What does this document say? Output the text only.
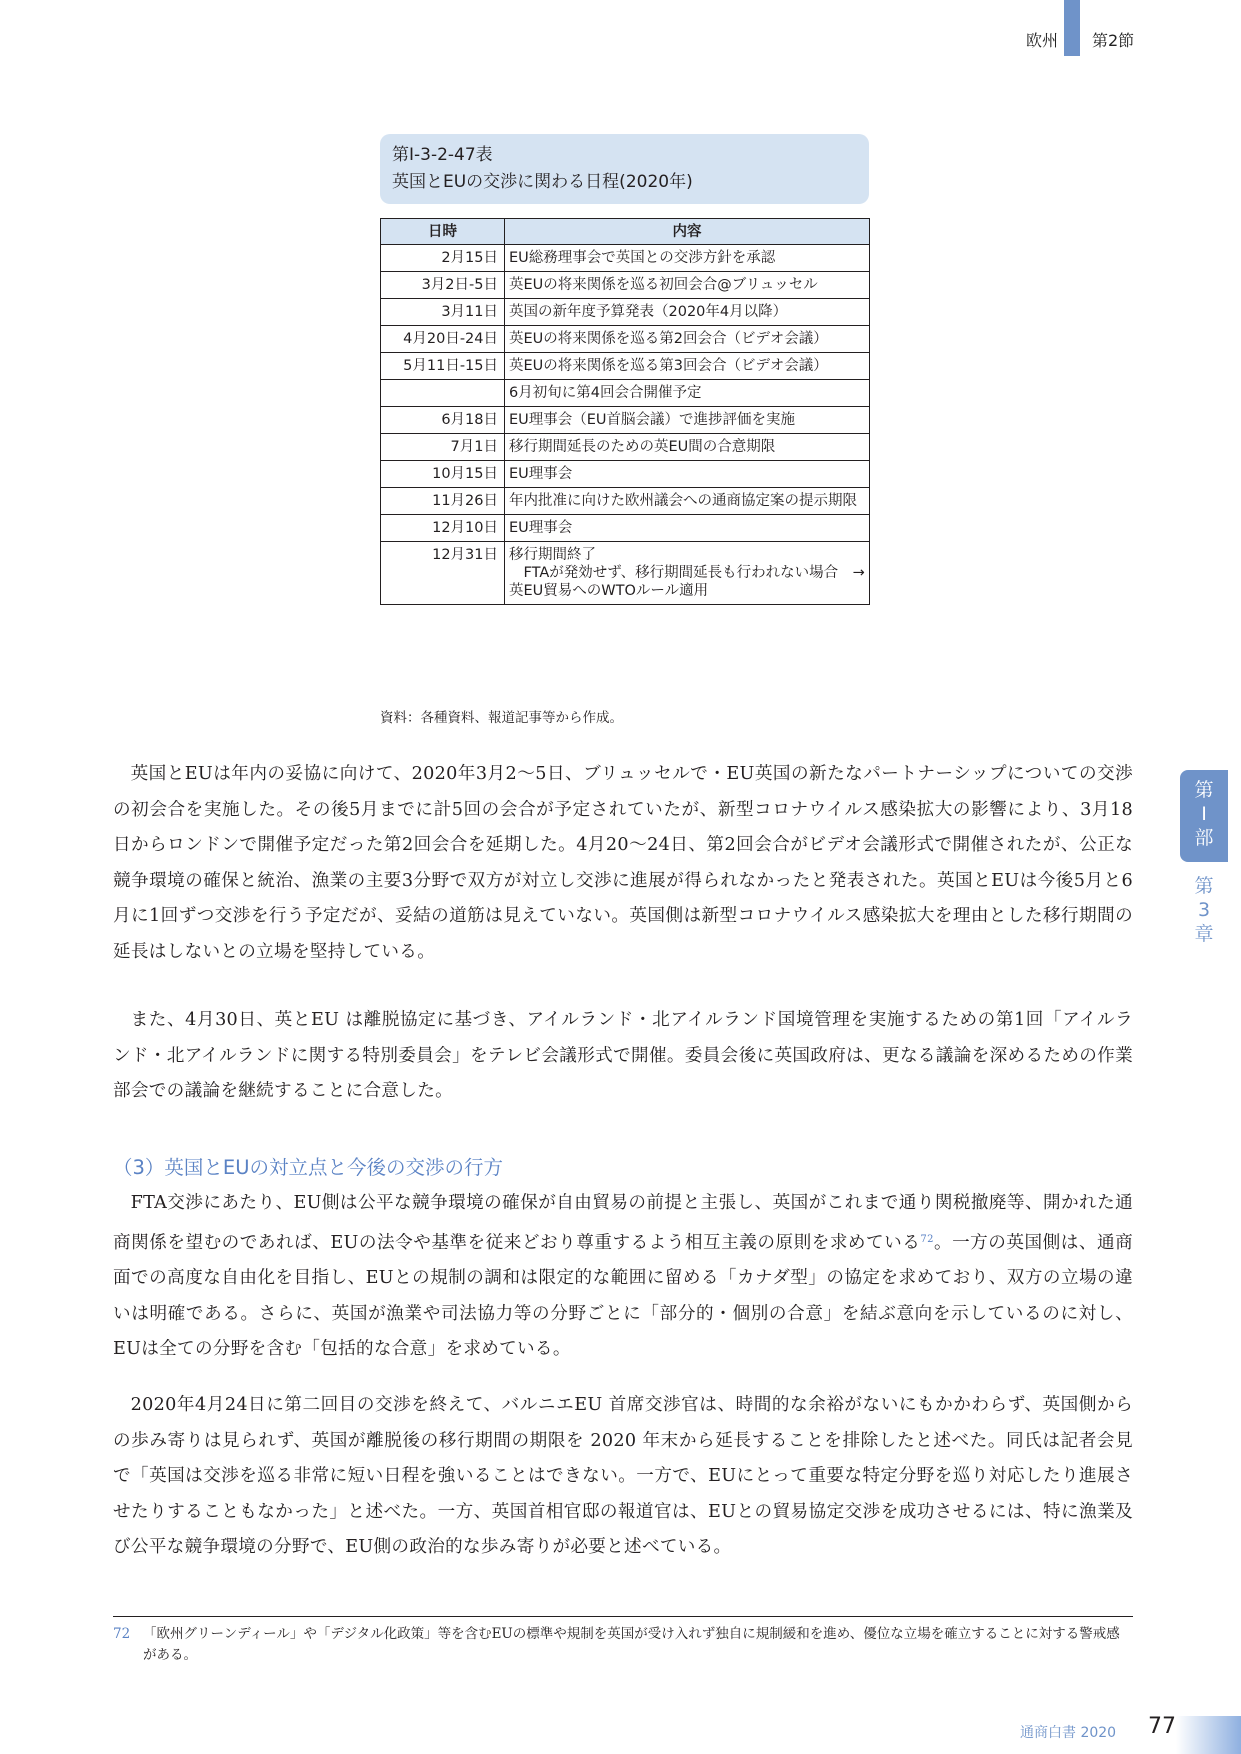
欧州 第2節
第Ⅰ-3-2-47表
英国とEUの交渉に関わる日程(2020年)
日時	内容
2月15日	EU総務理事会で英国との交渉方針を承認
3月2日-5日	英EUの将来関係を巡る初回会合@ブリュッセル
3月11日	英国の新年度予算発表（2020年4月以降）
4月20日-24日	英EUの将来関係を巡る第2回会合（ビデオ会議）
5月11日-15日	英EUの将来関係を巡る第3回会合（ビデオ会議）
	6月初旬に第4回会合開催予定
6月18日	EU理事会（EU首脳会議）で進捗評価を実施
7月1日	移行期間延長のための英EU間の合意期限
10月15日	EU理事会
11月26日	年内批准に向けた欧州議会への通商協定案の提示期限
12月10日	EU理事会
12月31日	移行期間終了
　FTAが発効せず、移行期間延長も行われない場合　→　英EU貿易へのWTOルール適用
資料：各種資料、報道記事等から作成。

英国とEUは年内の妥協に向けて、2020年3月2～5日、ブリュッセルで・EU英国の新たなパートナーシップについての交渉の初会合を実施した。その後5月までに計5回の会合が予定されていたが、新型コロナウイルス感染拡大の影響により、3月18日からロンドンで開催予定だった第2回会合を延期した。4月20～24日、第2回会合がビデオ会議形式で開催されたが、公正な競争環境の確保と統治、漁業の主要3分野で双方が対立し交渉に進展が得られなかったと発表された。英国とEUは今後5月と6月に1回ずつ交渉を行う予定だが、妥結の道筋は見えていない。英国側は新型コロナウイルス感染拡大を理由とした移行期間の延長はしないとの立場を堅持している。

また、4月30日、英とEU は離脱協定に基づき、アイルランド・北アイルランド国境管理を実施するための第1回「アイルランド・北アイルランドに関する特別委員会」をテレビ会議形式で開催。委員会後に英国政府は、更なる議論を深めるための作業部会での議論を継続することに合意した。

（3）英国とEUの対立点と今後の交渉の行方

FTA交渉にあたり、EU側は公平な競争環境の確保が自由貿易の前提と主張し、英国がこれまで通り関税撤廃等、開かれた通商関係を望むのであれば、EUの法令や基準を従来どおり尊重するよう相互主義の原則を求めている$^{72}$。一方の英国側は、通商面での高度な自由化を目指し、EUとの規制の調和は限定的な範囲に留める「カナダ型」の協定を求めており、双方の立場の違いは明確である。さらに、英国が漁業や司法協力等の分野ごとに「部分的・個別の合意」を結ぶ意向を示しているのに対し、EUは全ての分野を含む「包括的な合意」を求めている。

2020年4月24日に第二回目の交渉を終えて、バルニエEU 首席交渉官は、時間的な余裕がないにもかかわらず、英国側からの歩み寄りは見られず、英国が離脱後の移行期間の期限を 2020 年末から延長することを排除したと述べた。同氏は記者会見で「英国は交渉を巡る非常に短い日程を強いることはできない。一方で、EUにとって重要な特定分野を巡り対応したり進展させたりすることもなかった」と述べた。一方、英国首相官邸の報道官は、EUとの貿易協定交渉を成功させるには、特に漁業及び公平な競争環境の分野で、EU側の政治的な歩み寄りが必要と述べている。

第
Ⅰ
部
第
3
章
72 「欧州グリーンディール」や「デジタル化政策」等を含むEUの標準や規制を英国が受け入れず独自に規制緩和を進め、優位な立場を確立することに対する警戒感がある。
通商白書 2020 77
